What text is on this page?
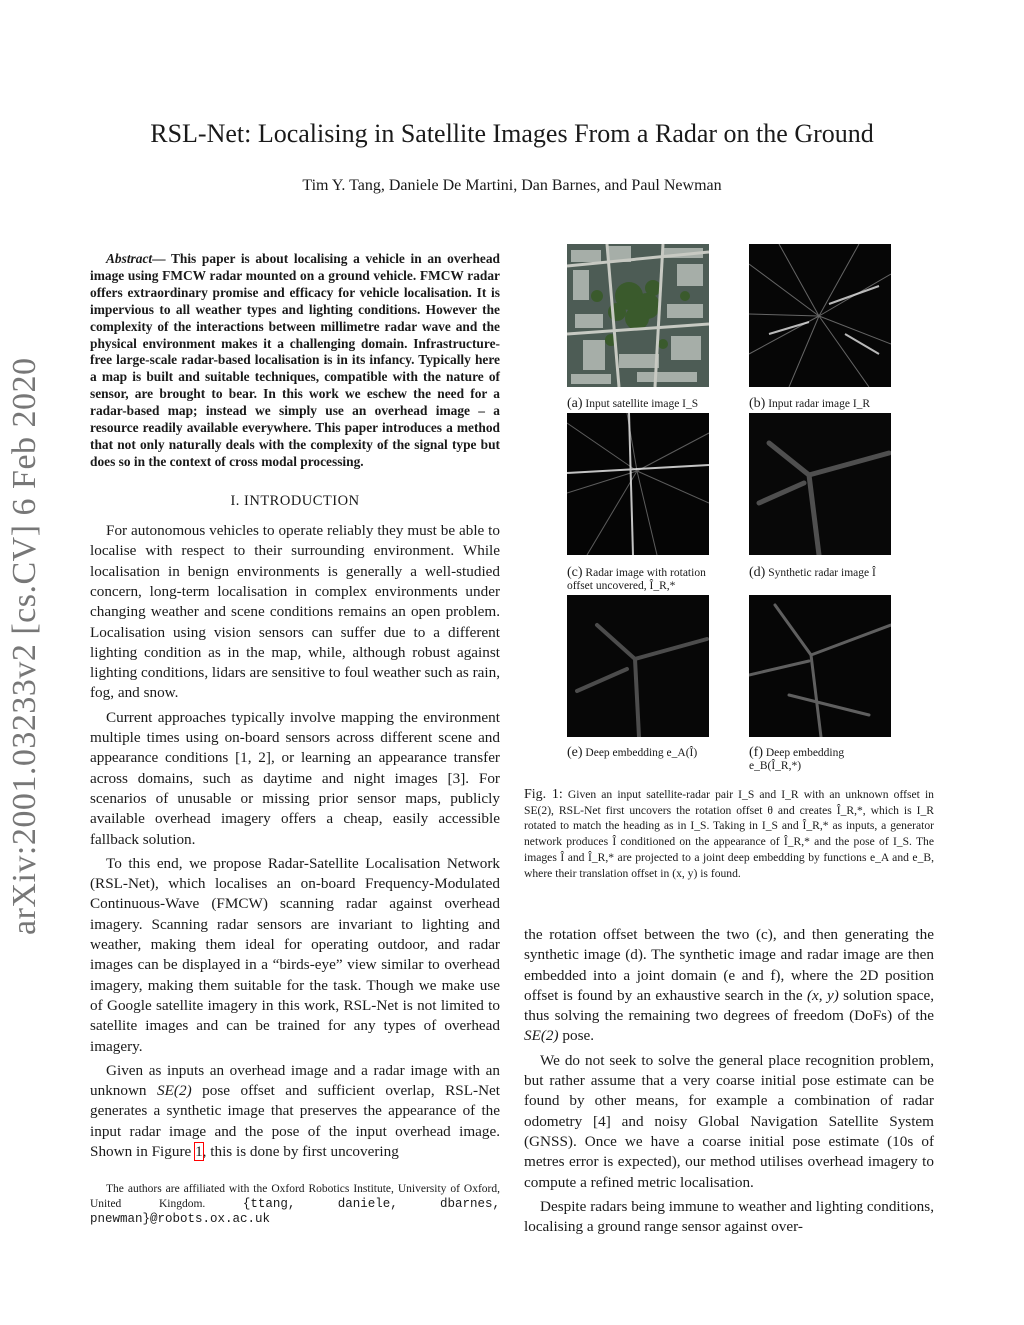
RSL-Net: Localising in Satellite Images From a Radar on the Ground
Tim Y. Tang, Daniele De Martini, Dan Barnes, and Paul Newman
arXiv:2001.03233v2 [cs.CV] 6 Feb 2020

Abstract— This paper is about localising a vehicle in an overhead image using FMCW radar mounted on a ground vehicle. FMCW radar offers extraordinary promise and efficacy for vehicle localisation. It is impervious to all weather types and lighting conditions. However the complexity of the interactions between millimetre radar wave and the physical environment makes it a challenging domain. Infrastructure-free large-scale radar-based localisation is in its infancy. Typically here a map is built and suitable techniques, compatible with the nature of sensor, are brought to bear. In this work we eschew the need for a radar-based map; instead we simply use an overhead image – a resource readily available everywhere. This paper introduces a method that not only naturally deals with the complexity of the signal type but does so in the context of cross modal processing.

I. INTRODUCTION

For autonomous vehicles to operate reliably they must be able to localise with respect to their surrounding environment. While localisation in benign environments is generally a well-studied concern, long-term localisation in complex environments under changing weather and scene conditions remains an open problem. Localisation using vision sensors can suffer due to a different lighting condition as in the map, while, although robust against lighting conditions, lidars are sensitive to foul weather such as rain, fog, and snow.

Current approaches typically involve mapping the environment multiple times using on-board sensors across different scene and appearance conditions [1, 2], or learning an appearance transfer across domains, such as daytime and night images [3]. For scenarios of unusable or missing prior sensor maps, publicly available overhead imagery offers a cheap, easily accessible fallback solution.

To this end, we propose Radar-Satellite Localisation Network (RSL-Net), which localises an on-board Frequency-Modulated Continuous-Wave (FMCW) scanning radar against overhead imagery. Scanning radar sensors are invariant to lighting and weather, making them ideal for operating outdoor, and radar images can be displayed in a “birds-eye” view similar to overhead imagery, making them suitable for the task. Though we make use of Google satellite imagery in this work, RSL-Net is not limited to satellite images and can be trained for any types of overhead imagery.

Given as inputs an overhead image and a radar image with an unknown SE(2) pose offset and sufficient overlap, RSL-Net generates a synthetic image that preserves the appearance of the input radar image and the pose of the input overhead image. Shown in Figure 1, this is done by first uncovering

The authors are affiliated with the Oxford Robotics Institute, University of Oxford, United Kingdom. {ttang, daniele, dbarnes, pnewman}@robots.ox.ac.uk

(a) Input satellite image I_S	(b) Input radar image I_R
(c) Radar image with rotation offset uncovered, Î_R,*
(d) Synthetic radar image Î
(e) Deep embedding e_A(Î)	(f) Deep embedding e_B(Î_R,*)
Fig. 1: Given an input satellite-radar pair I_S and I_R with an unknown offset in SE(2), RSL-Net first uncovers the rotation offset θ and creates Î_R,*, which is I_R rotated to match the heading as in I_S. Taking in I_S and Î_R,* as inputs, a generator network produces Î conditioned on the appearance of Î_R,* and the pose of I_S. The images Î and Î_R,* are projected to a joint deep embedding by functions e_A and e_B, where their translation offset in (x, y) is found.

the rotation offset between the two (c), and then generating the synthetic image (d). The synthetic image and radar image are then embedded into a joint domain (e and f), where the 2D position offset is found by an exhaustive search in the (x, y) solution space, thus solving the remaining two degrees of freedom (DoFs) of the SE(2) pose.

We do not seek to solve the general place recognition problem, but rather assume that a very coarse initial pose estimate can be found by other means, for example a combination of radar odometry [4] and noisy Global Navigation Satellite System (GNSS). Once we have a coarse initial pose estimate (10s of metres error is expected), our method utilises overhead imagery to compute a refined metric localisation.

Despite radars being immune to weather and lighting conditions, localising a ground range sensor against over-
